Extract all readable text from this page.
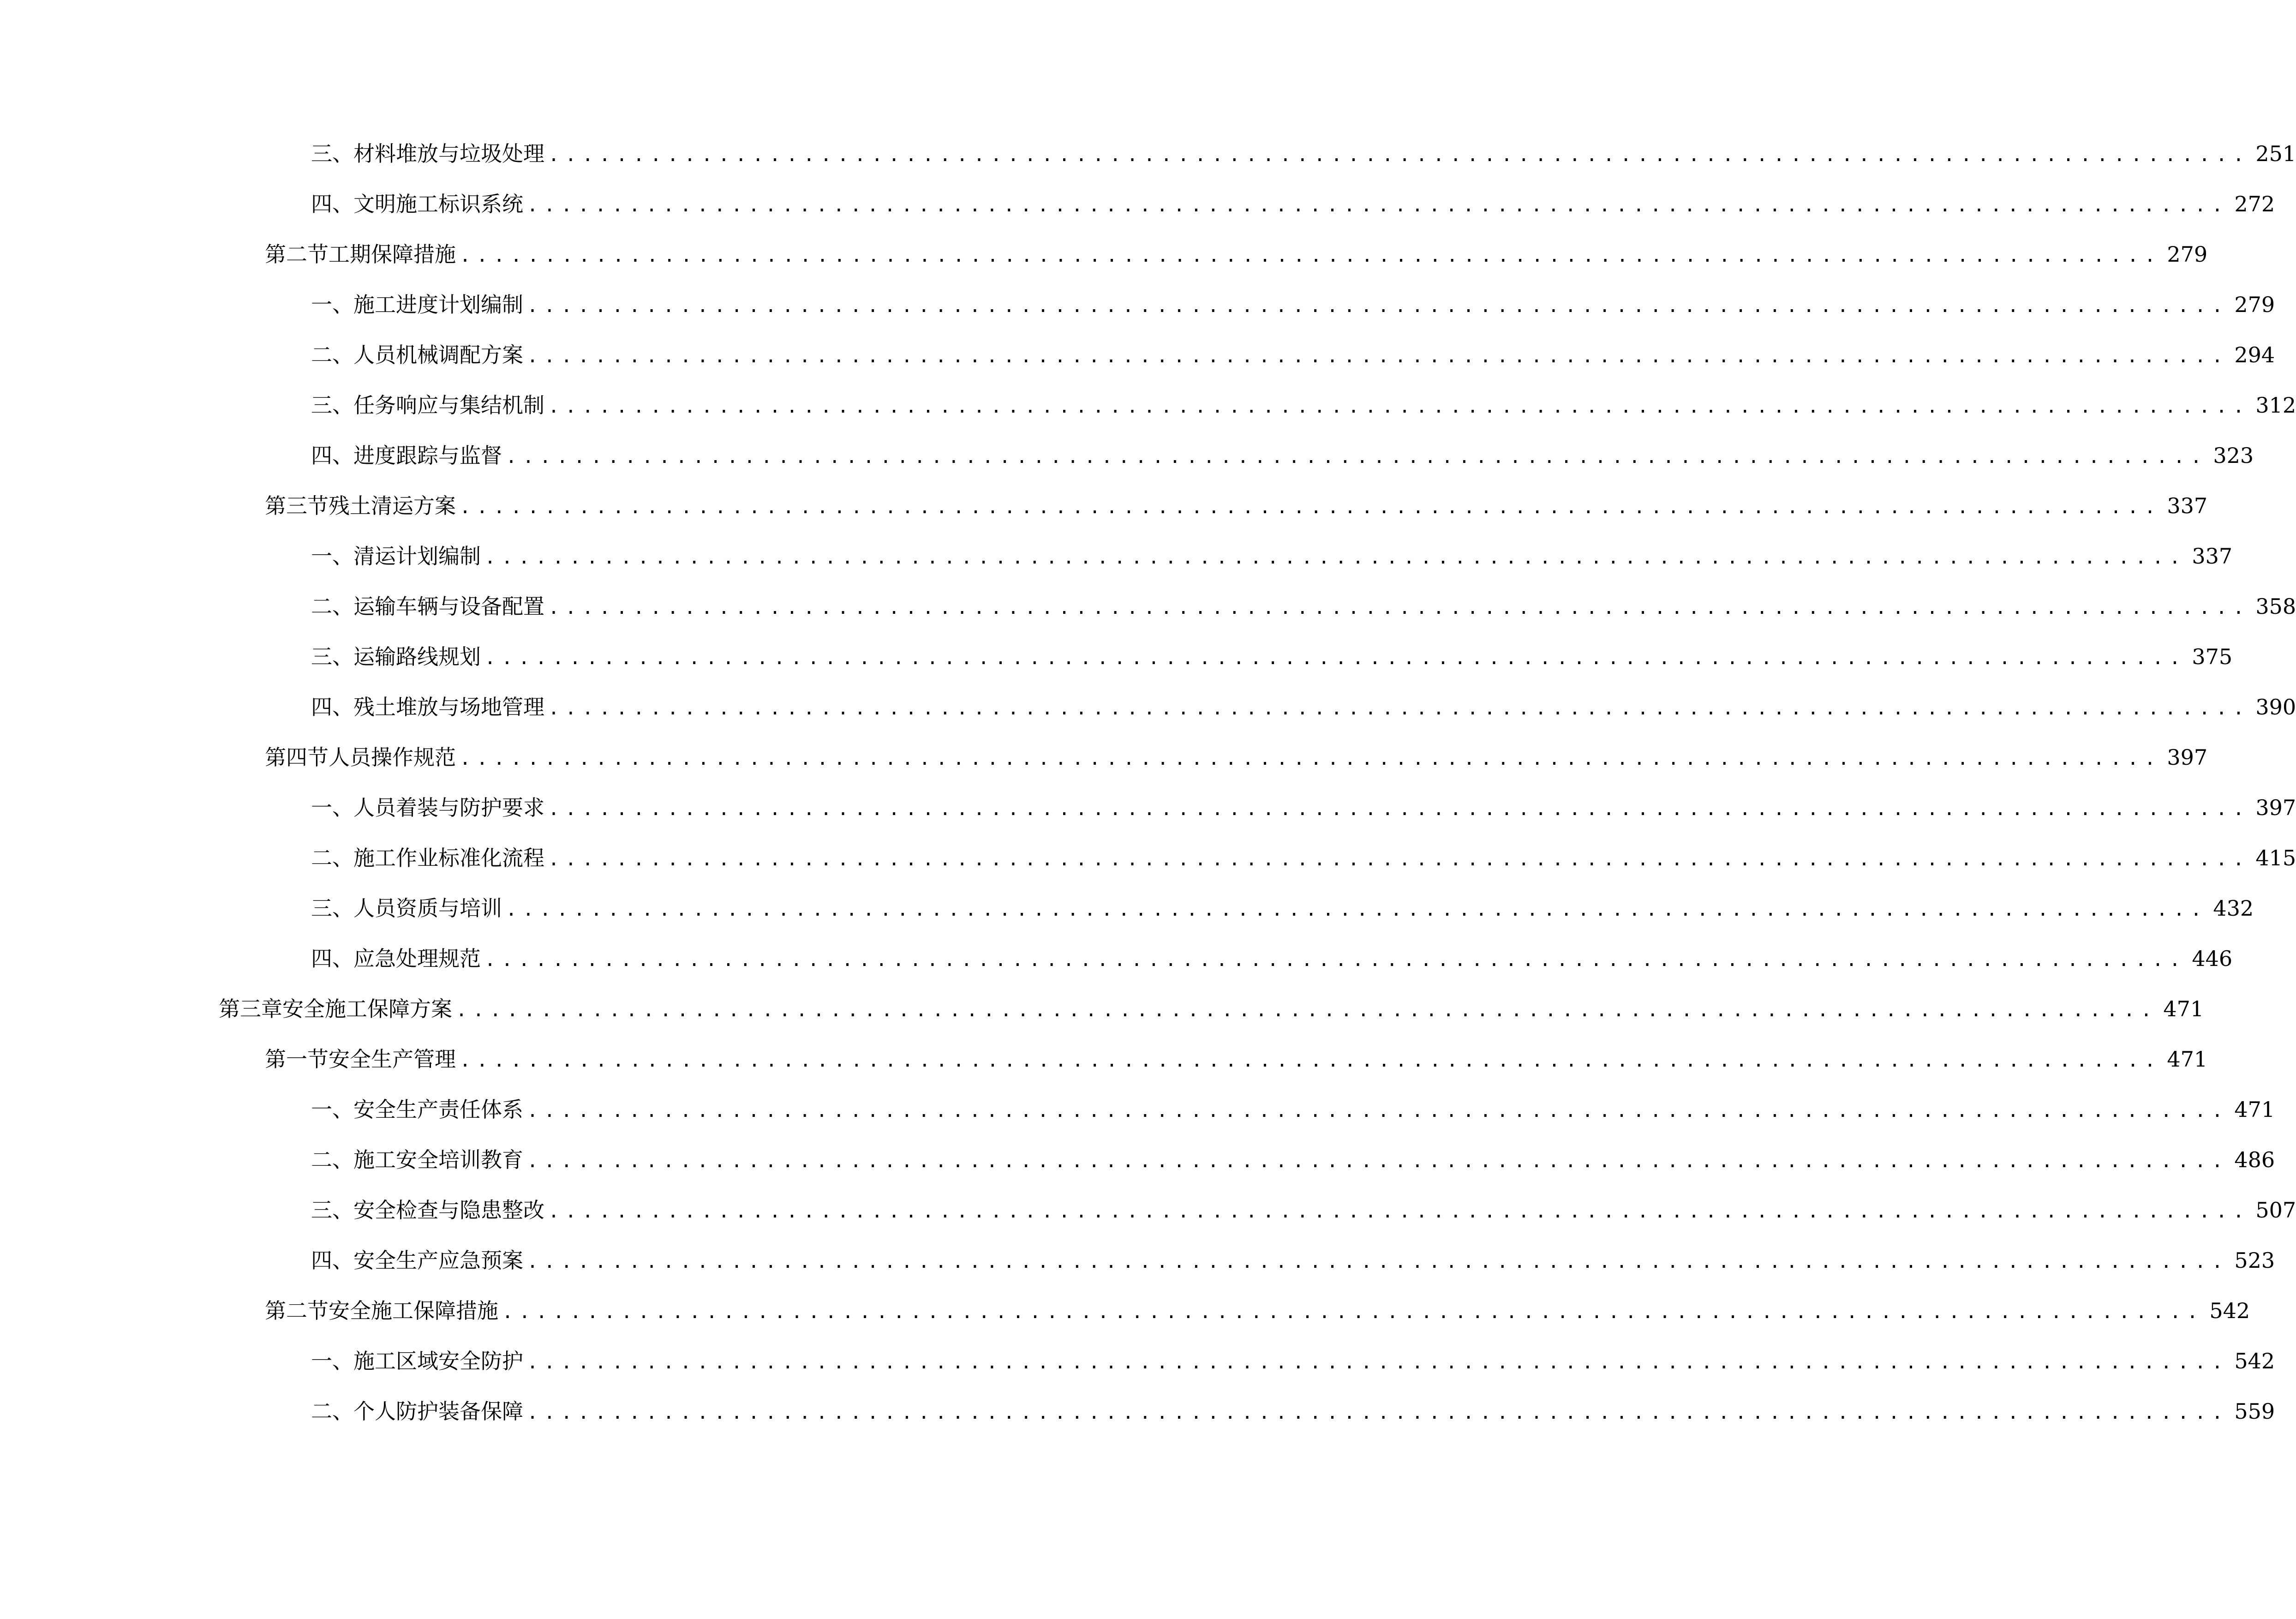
三、 材料堆放与垃圾处理 .................................................................................................... 251
四、 文明施工标识系统 .................................................................................................... 272
第二节 工期保障措施 .................................................................................................... 279
一、 施工进度计划编制 .................................................................................................... 279
二、 人员机械调配方案 .................................................................................................... 294
三、 任务响应与集结机制 .................................................................................................... 312
四、 进度跟踪与监督 .................................................................................................... 323
第三节 残土清运方案 .................................................................................................... 337
一、 清运计划编制 .................................................................................................... 337
二、 运输车辆与设备配置 .................................................................................................... 358
三、 运输路线规划 .................................................................................................... 375
四、 残土堆放与场地管理 .................................................................................................... 390
第四节 人员操作规范 .................................................................................................... 397
一、 人员着装与防护要求 .................................................................................................... 397
二、 施工作业标准化流程 .................................................................................................... 415
三、 人员资质与培训 .................................................................................................... 432
四、 应急处理规范 .................................................................................................... 446
第三章 安全施工保障方案 .................................................................................................... 471
第一节 安全生产管理 .................................................................................................... 471
一、 安全生产责任体系 .................................................................................................... 471
二、 施工安全培训教育 .................................................................................................... 486
三、 安全检查与隐患整改 .................................................................................................... 507
四、 安全生产应急预案 .................................................................................................... 523
第二节 安全施工保障措施 .................................................................................................... 542
一、 施工区域安全防护 .................................................................................................... 542
二、 个人防护装备保障 .................................................................................................... 559
